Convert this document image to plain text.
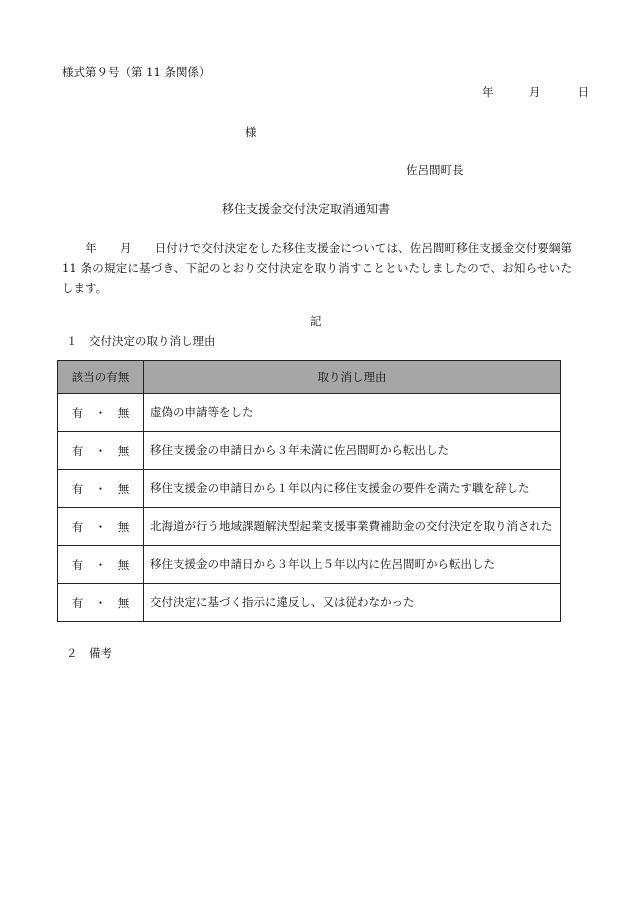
様式第９号（第 11 条関係）
年	月	日
様
佐呂間町長
移住支援金交付決定取消通知書
　　年　　月　　日付けで交付決定をした移住支援金については、佐呂間町移住支援金交付要綱第 11 条の規定に基づき、下記のとおり交付決定を取り消すことといたしましたので、お知らせいたします。
記
１　交付決定の取り消し理由
該当の有無	取り消し理由
有　・　無	虚偽の申請等をした
有　・　無	移住支援金の申請日から３年未満に佐呂間町から転出した
有　・　無	移住支援金の申請日から１年以内に移住支援金の要件を満たす職を辞した
有　・　無	北海道が行う地域課題解決型起業支援事業費補助金の交付決定を取り消された
有　・　無	移住支援金の申請日から３年以上５年以内に佐呂間町から転出した
有　・　無	交付決定に基づく指示に違反し、又は従わなかった
２　備考
